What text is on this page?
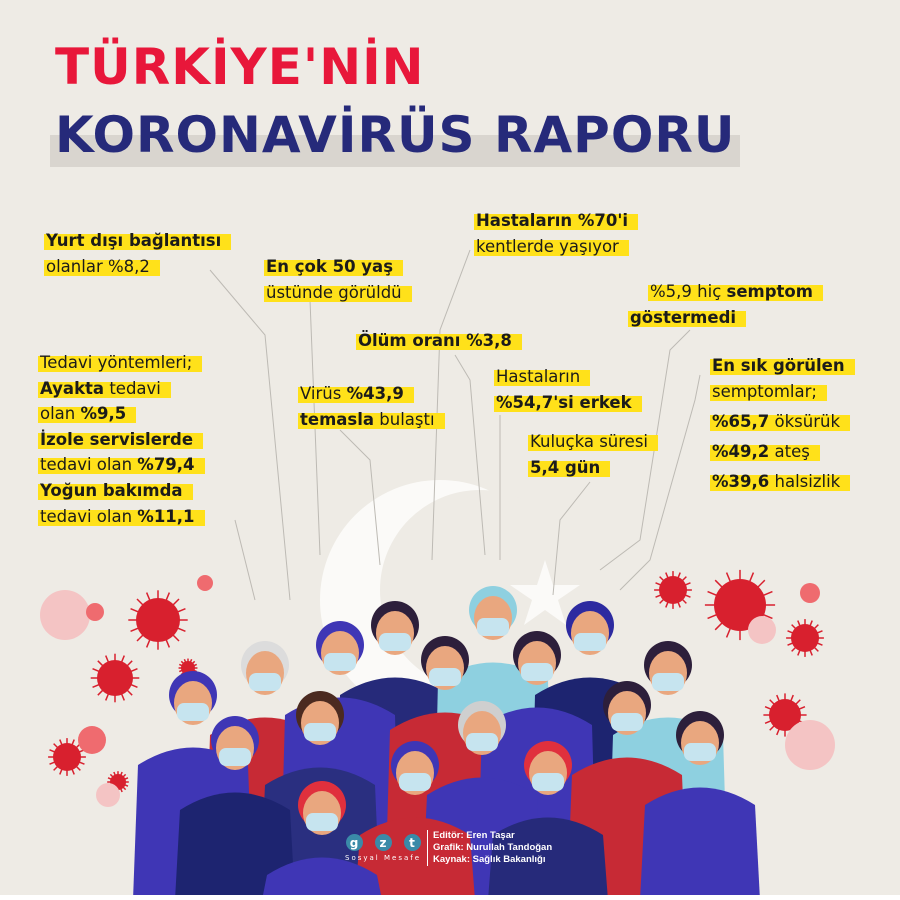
TÜRKİYE'NİN
KORONAVİRÜS RAPORU
Yurt dışı bağlantısı
olanlar %8,2	En çok 50 yaş
üstünde görüldü
Hastaların %70'i
kentlerde yaşıyor
%5,9 hiç semptom
göstermedi
Ölüm oranı %3,8
Tedavi yöntemleri;
Ayakta tedavi
olan %9,5
İzole servislerde
tedavi olan %79,4
Yoğun bakımda
tedavi olan %11,1
Virüs %43,9
temasla bulaştı
Hastaların
%54,7'si erkek
Kuluçka süresi
5,4 gün
En sık görülen
semptomlar;
%65,7 öksürük
%49,2 ateş
%39,6 halsizlik
g	z	t
Sosyal Mesafe
Editör: Eren Taşar
Grafik: Nurullah Tandoğan
Kaynak: Sağlık Bakanlığı
